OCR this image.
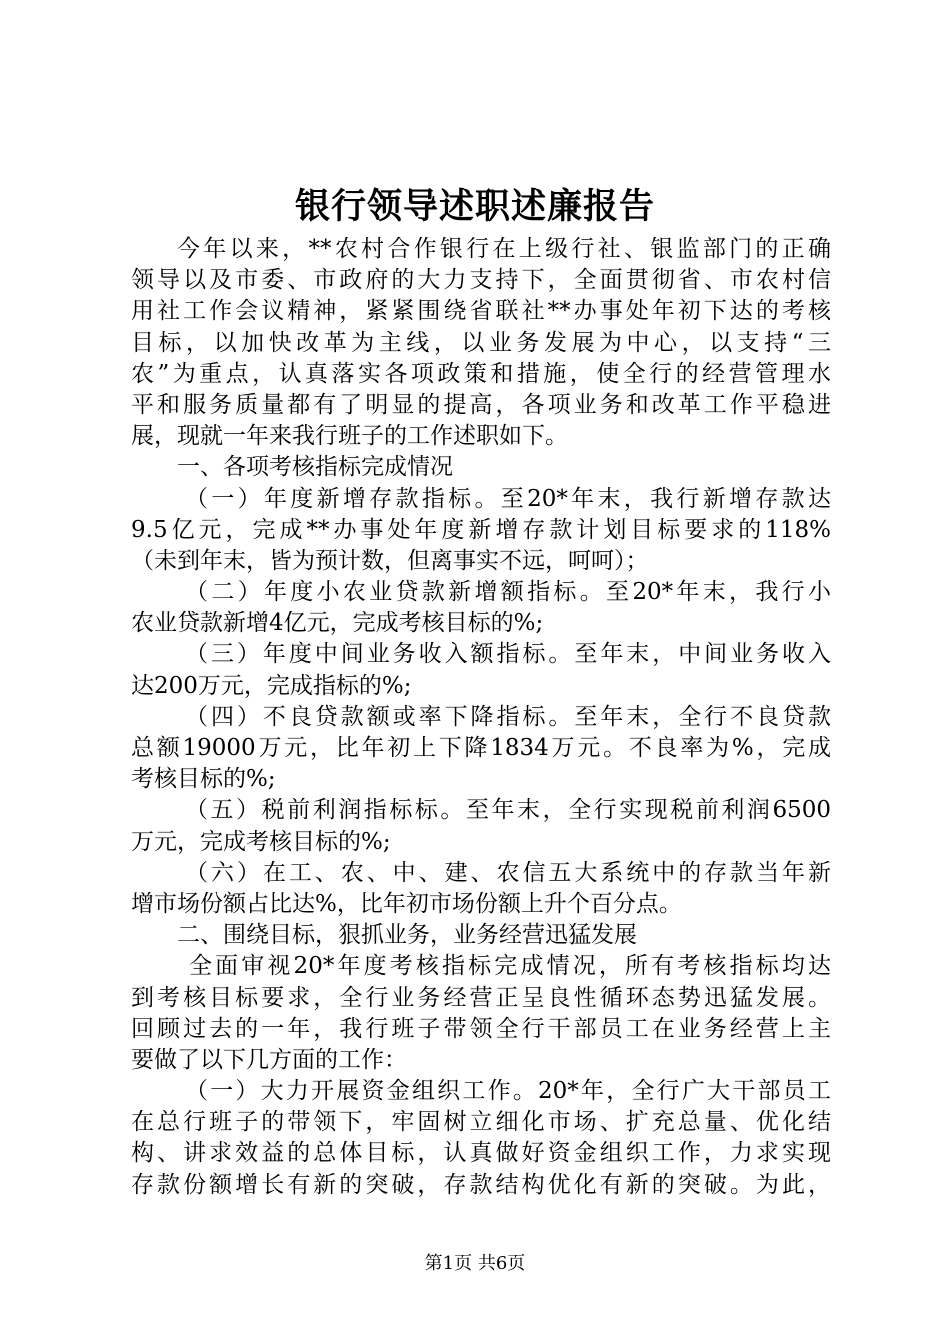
银行领导述职述廉报告
今年以来，**农村合作银行在上级行社、银监部门的正确
领导以及市委、市政府的大力支持下，全面贯彻省、市农村信
用社工作会议精神，紧紧围绕省联社**办事处年初下达的考核
目标，以加快改革为主线，以业务发展为中心，以支持“三
农”为重点，认真落实各项政策和措施，使全行的经营管理水
平和服务质量都有了明显的提高，各项业务和改革工作平稳进
展，现就一年来我行班子的工作述职如下。
一、各项考核指标完成情况
（一）年度新增存款指标。至20*年末，我行新增存款达
9.5亿元，完成**办事处年度新增存款计划目标要求的118%
（未到年末，皆为预计数，但离事实不远，呵呵）；
（二）年度小农业贷款新增额指标。至20*年末，我行小
农业贷款新增4亿元，完成考核目标的%;
（三）年度中间业务收入额指标。至年末，中间业务收入
达200万元，完成指标的%;
（四）不良贷款额或率下降指标。至年末，全行不良贷款
总额19000万元，比年初上下降1834万元。不良率为%，完成
考核目标的%;
（五）税前利润指标标。至年末，全行实现税前利润6500
万元，完成考核目标的%;
（六）在工、农、中、建、农信五大系统中的存款当年新
增市场份额占比达%，比年初市场份额上升个百分点。
二、围绕目标，狠抓业务，业务经营迅猛发展
全面审视20*年度考核指标完成情况，所有考核指标均达
到考核目标要求，全行业务经营正呈良性循环态势迅猛发展。
回顾过去的一年，我行班子带领全行干部员工在业务经营上主
要做了以下几方面的工作：
（一）大力开展资金组织工作。20*年，全行广大干部员工
在总行班子的带领下，牢固树立细化市场、扩充总量、优化结
构、讲求效益的总体目标，认真做好资金组织工作，力求实现
存款份额增长有新的突破，存款结构优化有新的突破。为此，
第1页 共6页
